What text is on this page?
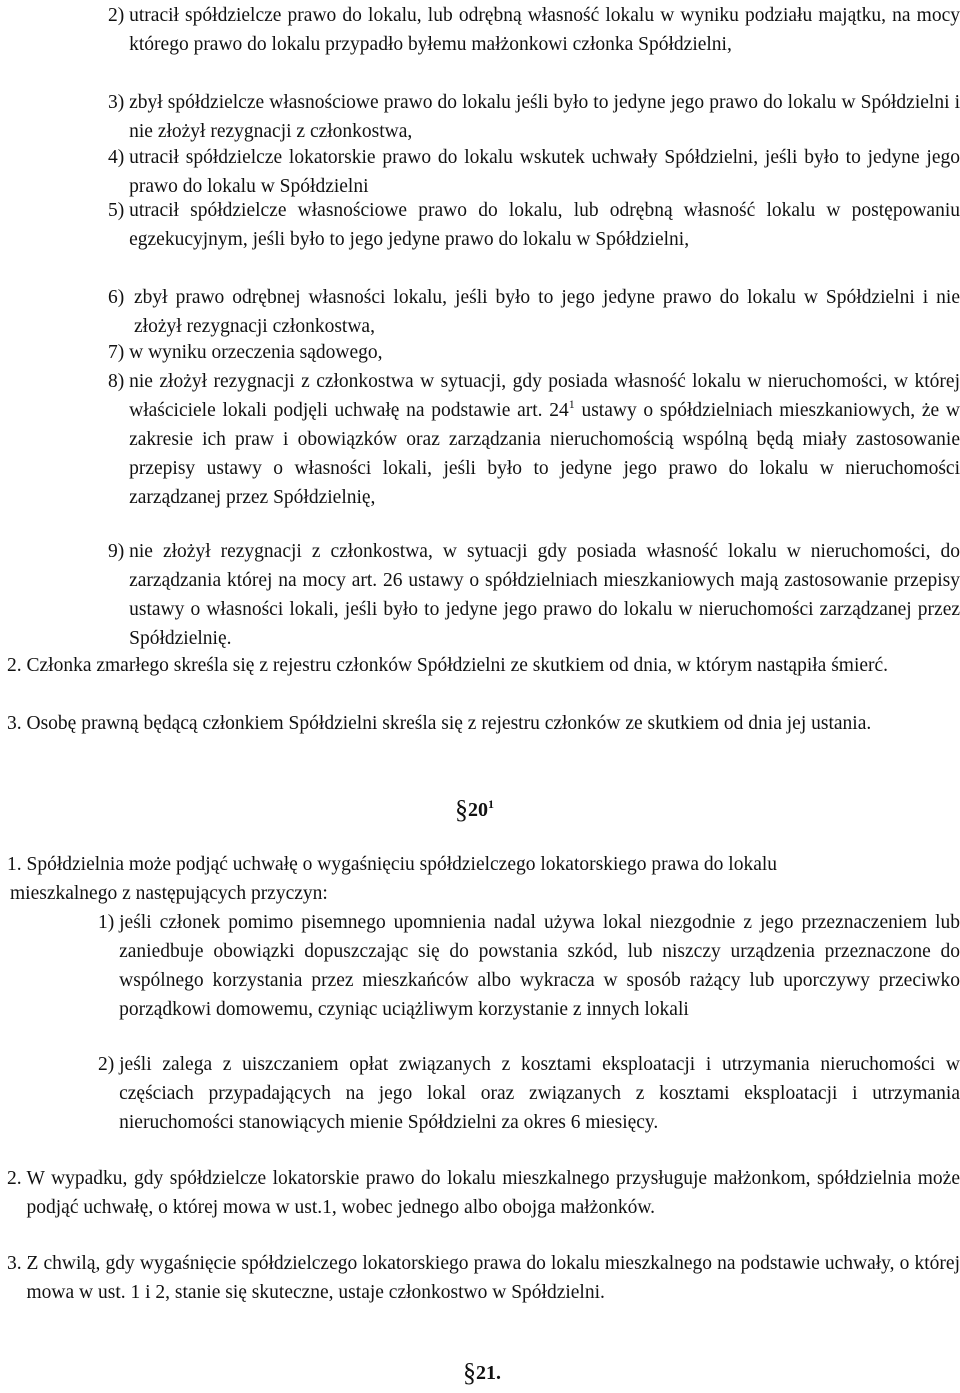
2) utracił spółdzielcze prawo do lokalu, lub odrębną własność lokalu w wyniku podziału majątku, na mocy którego prawo do lokalu przypadło byłemu małżonkowi członka Spółdzielni,
3) zbył spółdzielcze własnościowe prawo do lokalu jeśli było to jedyne jego prawo do lokalu w Spółdzielni i nie złożył rezygnacji z członkostwa,
4) utracił spółdzielcze lokatorskie prawo do lokalu wskutek uchwały Spółdzielni, jeśli było to jedyne jego prawo do lokalu w Spółdzielni
5) utracił spółdzielcze własnościowe prawo do lokalu, lub odrębną własność lokalu w postępowaniu egzekucyjnym, jeśli było to jego jedyne prawo do lokalu w Spółdzielni,
6) zbył prawo odrębnej własności lokalu, jeśli było to jego jedyne prawo do lokalu w Spółdzielni i nie złożył rezygnacji członkostwa,
7) w wyniku orzeczenia sądowego,
8) nie złożył rezygnacji z członkostwa w sytuacji, gdy posiada własność lokalu w nieruchomości, w której właściciele lokali podjęli uchwałę na podstawie art. $24^1$ ustawy o spółdzielniach mieszkaniowych, że w zakresie ich praw i obowiązków oraz zarządzania nieruchomością wspólną będą miały zastosowanie przepisy ustawy o własności lokali, jeśli było to jedyne jego prawo do lokalu w nieruchomości zarządzanej przez Spółdzielnię,
9) nie złożył rezygnacji z członkostwa, w sytuacji gdy posiada własność lokalu w nieruchomości, do zarządzania której na mocy art. 26 ustawy o spółdzielniach mieszkaniowych mają zastosowanie przepisy ustawy o własności lokali, jeśli było to jedyne jego prawo do lokalu w nieruchomości zarządzanej przez Spółdzielnię.
2. Członka zmarłego skreśla się z rejestru członków Spółdzielni ze skutkiem od dnia, w którym nastąpiła śmierć.
3. Osobę prawną będącą członkiem Spółdzielni skreśla się z rejestru członków ze skutkiem od dnia jej ustania.
$\S 20^1$
1. Spółdzielnia może podjąć uchwałę o wygaśnięciu spółdzielczego lokatorskiego prawa do lokalu
mieszkalnego z następujących przyczyn:
1) jeśli członek pomimo pisemnego upomnienia nadal używa lokal niezgodnie z jego przeznaczeniem lub zaniedbuje obowiązki dopuszczając się do powstania szkód, lub niszczy urządzenia przeznaczone do wspólnego korzystania przez mieszkańców albo wykracza w sposób rażący lub uporczywy przeciwko porządkowi domowemu, czyniąc uciążliwym korzystanie z innych lokali
2) jeśli zalega z uiszczaniem opłat związanych z kosztami eksploatacji i utrzymania nieruchomości w częściach przypadających na jego lokal oraz związanych z kosztami eksploatacji i utrzymania nieruchomości stanowiących mienie Spółdzielni za okres 6 miesięcy.
2. W wypadku, gdy spółdzielcze lokatorskie prawo do lokalu mieszkalnego przysługuje małżonkom, spółdzielnia może podjąć uchwałę, o której mowa w ust.1, wobec jednego albo obojga małżonków.
3. Z chwilą, gdy wygaśnięcie spółdzielczego lokatorskiego prawa do lokalu mieszkalnego na podstawie uchwały, o której mowa w ust. 1 i 2, stanie się skuteczne, ustaje członkostwo w Spółdzielni.
§21.
